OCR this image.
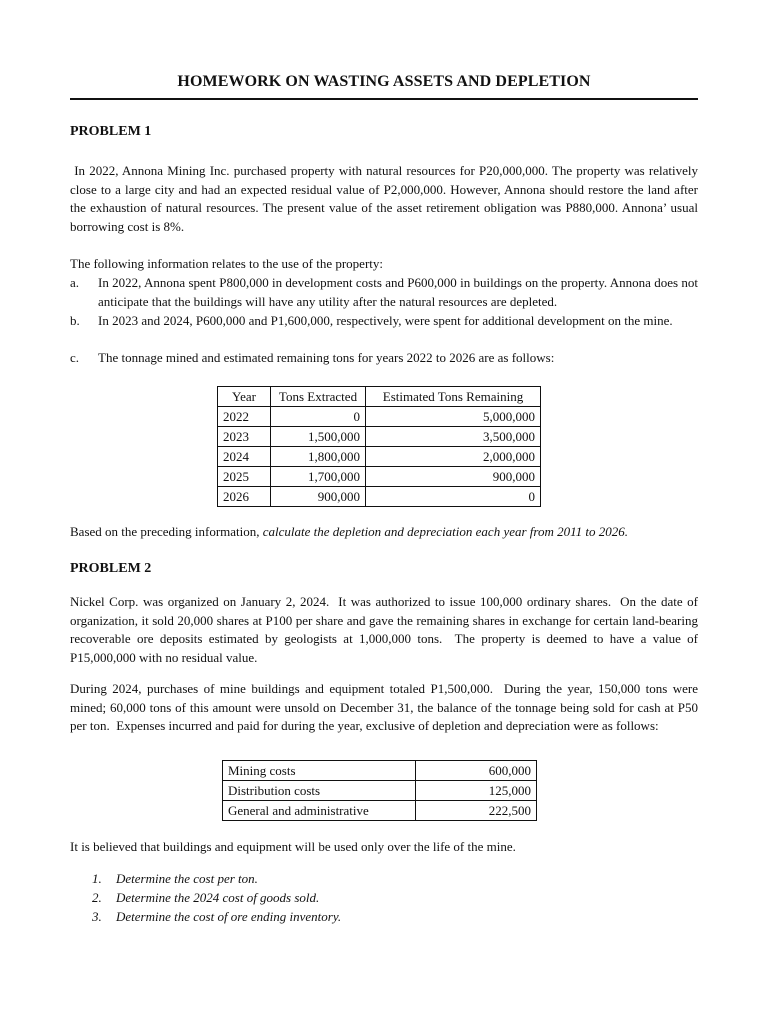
HOMEWORK ON WASTING ASSETS AND DEPLETION
PROBLEM 1

In 2022, Annona Mining Inc. purchased property with natural resources for P20,000,000. The property was relatively close to a large city and had an expected residual value of P2,000,000. However, Annona should restore the land after the exhaustion of natural resources. The present value of the asset retirement obligation was P880,000. Annona’ usual borrowing cost is 8%.

The following information relates to the use of the property:

a. In 2022, Annona spent P800,000 in development costs and P600,000 in buildings on the property. Annona does not anticipate that the buildings will have any utility after the natural resources are depleted.
b. In 2023 and 2024, P600,000 and P1,600,000, respectively, were spent for additional development on the mine.
c. The tonnage mined and estimated remaining tons for years 2022 to 2026 are as follows:
Year	Tons Extracted	Estimated Tons Remaining
2022	0	5,000,000
2023	1,500,000	3,500,000
2024	1,800,000	2,000,000
2025	1,700,000	900,000
2026	900,000	0

Based on the preceding information, calculate the depletion and depreciation each year from 2011 to 2026.

PROBLEM 2

Nickel Corp. was organized on January 2, 2024.  It was authorized to issue 100,000 ordinary shares.  On the date of organization, it sold 20,000 shares at P100 per share and gave the remaining shares in exchange for certain land-bearing recoverable ore deposits estimated by geologists at 1,000,000 tons.  The property is deemed to have a value of P15,000,000 with no residual value.

During 2024, purchases of mine buildings and equipment totaled P1,500,000.  During the year, 150,000 tons were mined; 60,000 tons of this amount were unsold on December 31, the balance of the tonnage being sold for cash at P50 per ton.  Expenses incurred and paid for during the year, exclusive of depletion and depreciation were as follows:

Mining costs	600,000
Distribution costs	125,000
General and administrative	222,500

It is believed that buildings and equipment will be used only over the life of the mine.

1. Determine the cost per ton.
2. Determine the 2024 cost of goods sold.
3. Determine the cost of ore ending inventory.
